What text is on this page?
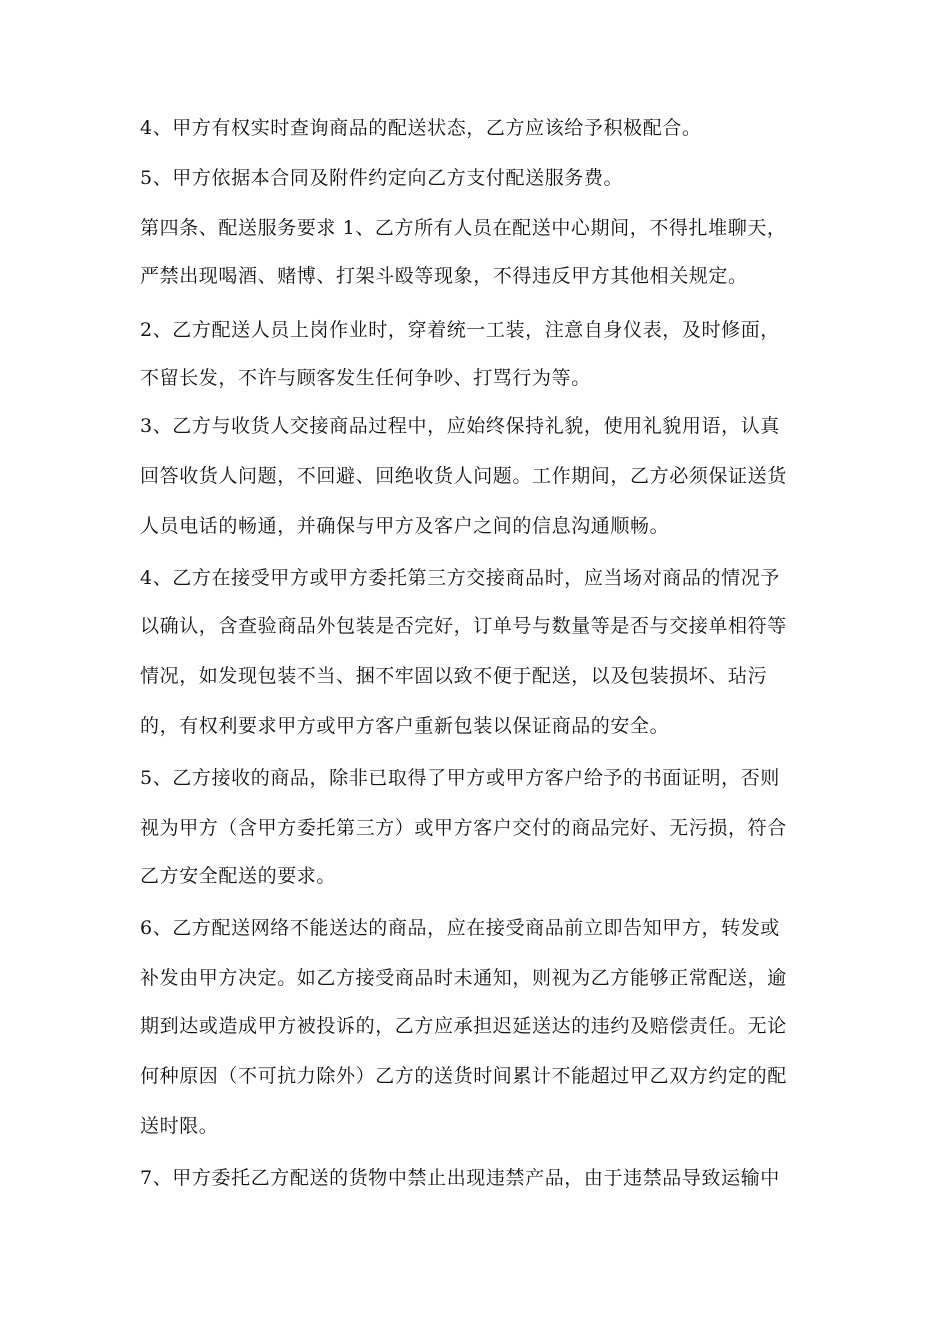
4、甲方有权实时查询商品的配送状态，乙方应该给予积极配合。
5、甲方依据本合同及附件约定向乙方支付配送服务费。
第四条、配送服务要求 1、乙方所有人员在配送中心期间，不得扎堆聊天，
严禁出现喝酒、赌博、打架斗殴等现象，不得违反甲方其他相关规定。
2、乙方配送人员上岗作业时，穿着统一工装，注意自身仪表，及时修面，
不留长发，不许与顾客发生任何争吵、打骂行为等。
3、乙方与收货人交接商品过程中，应始终保持礼貌，使用礼貌用语，认真
回答收货人问题，不回避、回绝收货人问题。工作期间，乙方必须保证送货
人员电话的畅通，并确保与甲方及客户之间的信息沟通顺畅。
4、乙方在接受甲方或甲方委托第三方交接商品时，应当场对商品的情况予
以确认，含查验商品外包装是否完好，订单号与数量等是否与交接单相符等
情况，如发现包装不当、捆不牢固以致不便于配送，以及包装损坏、玷污
的，有权利要求甲方或甲方客户重新包装以保证商品的安全。
5、乙方接收的商品，除非已取得了甲方或甲方客户给予的书面证明，否则
视为甲方（含甲方委托第三方）或甲方客户交付的商品完好、无污损，符合
乙方安全配送的要求。
6、乙方配送网络不能送达的商品，应在接受商品前立即告知甲方，转发或
补发由甲方决定。如乙方接受商品时未通知，则视为乙方能够正常配送，逾
期到达或造成甲方被投诉的，乙方应承担迟延送达的违约及赔偿责任。无论
何种原因（不可抗力除外）乙方的送货时间累计不能超过甲乙双方约定的配
送时限。
7、甲方委托乙方配送的货物中禁止出现违禁产品，由于违禁品导致运输中
